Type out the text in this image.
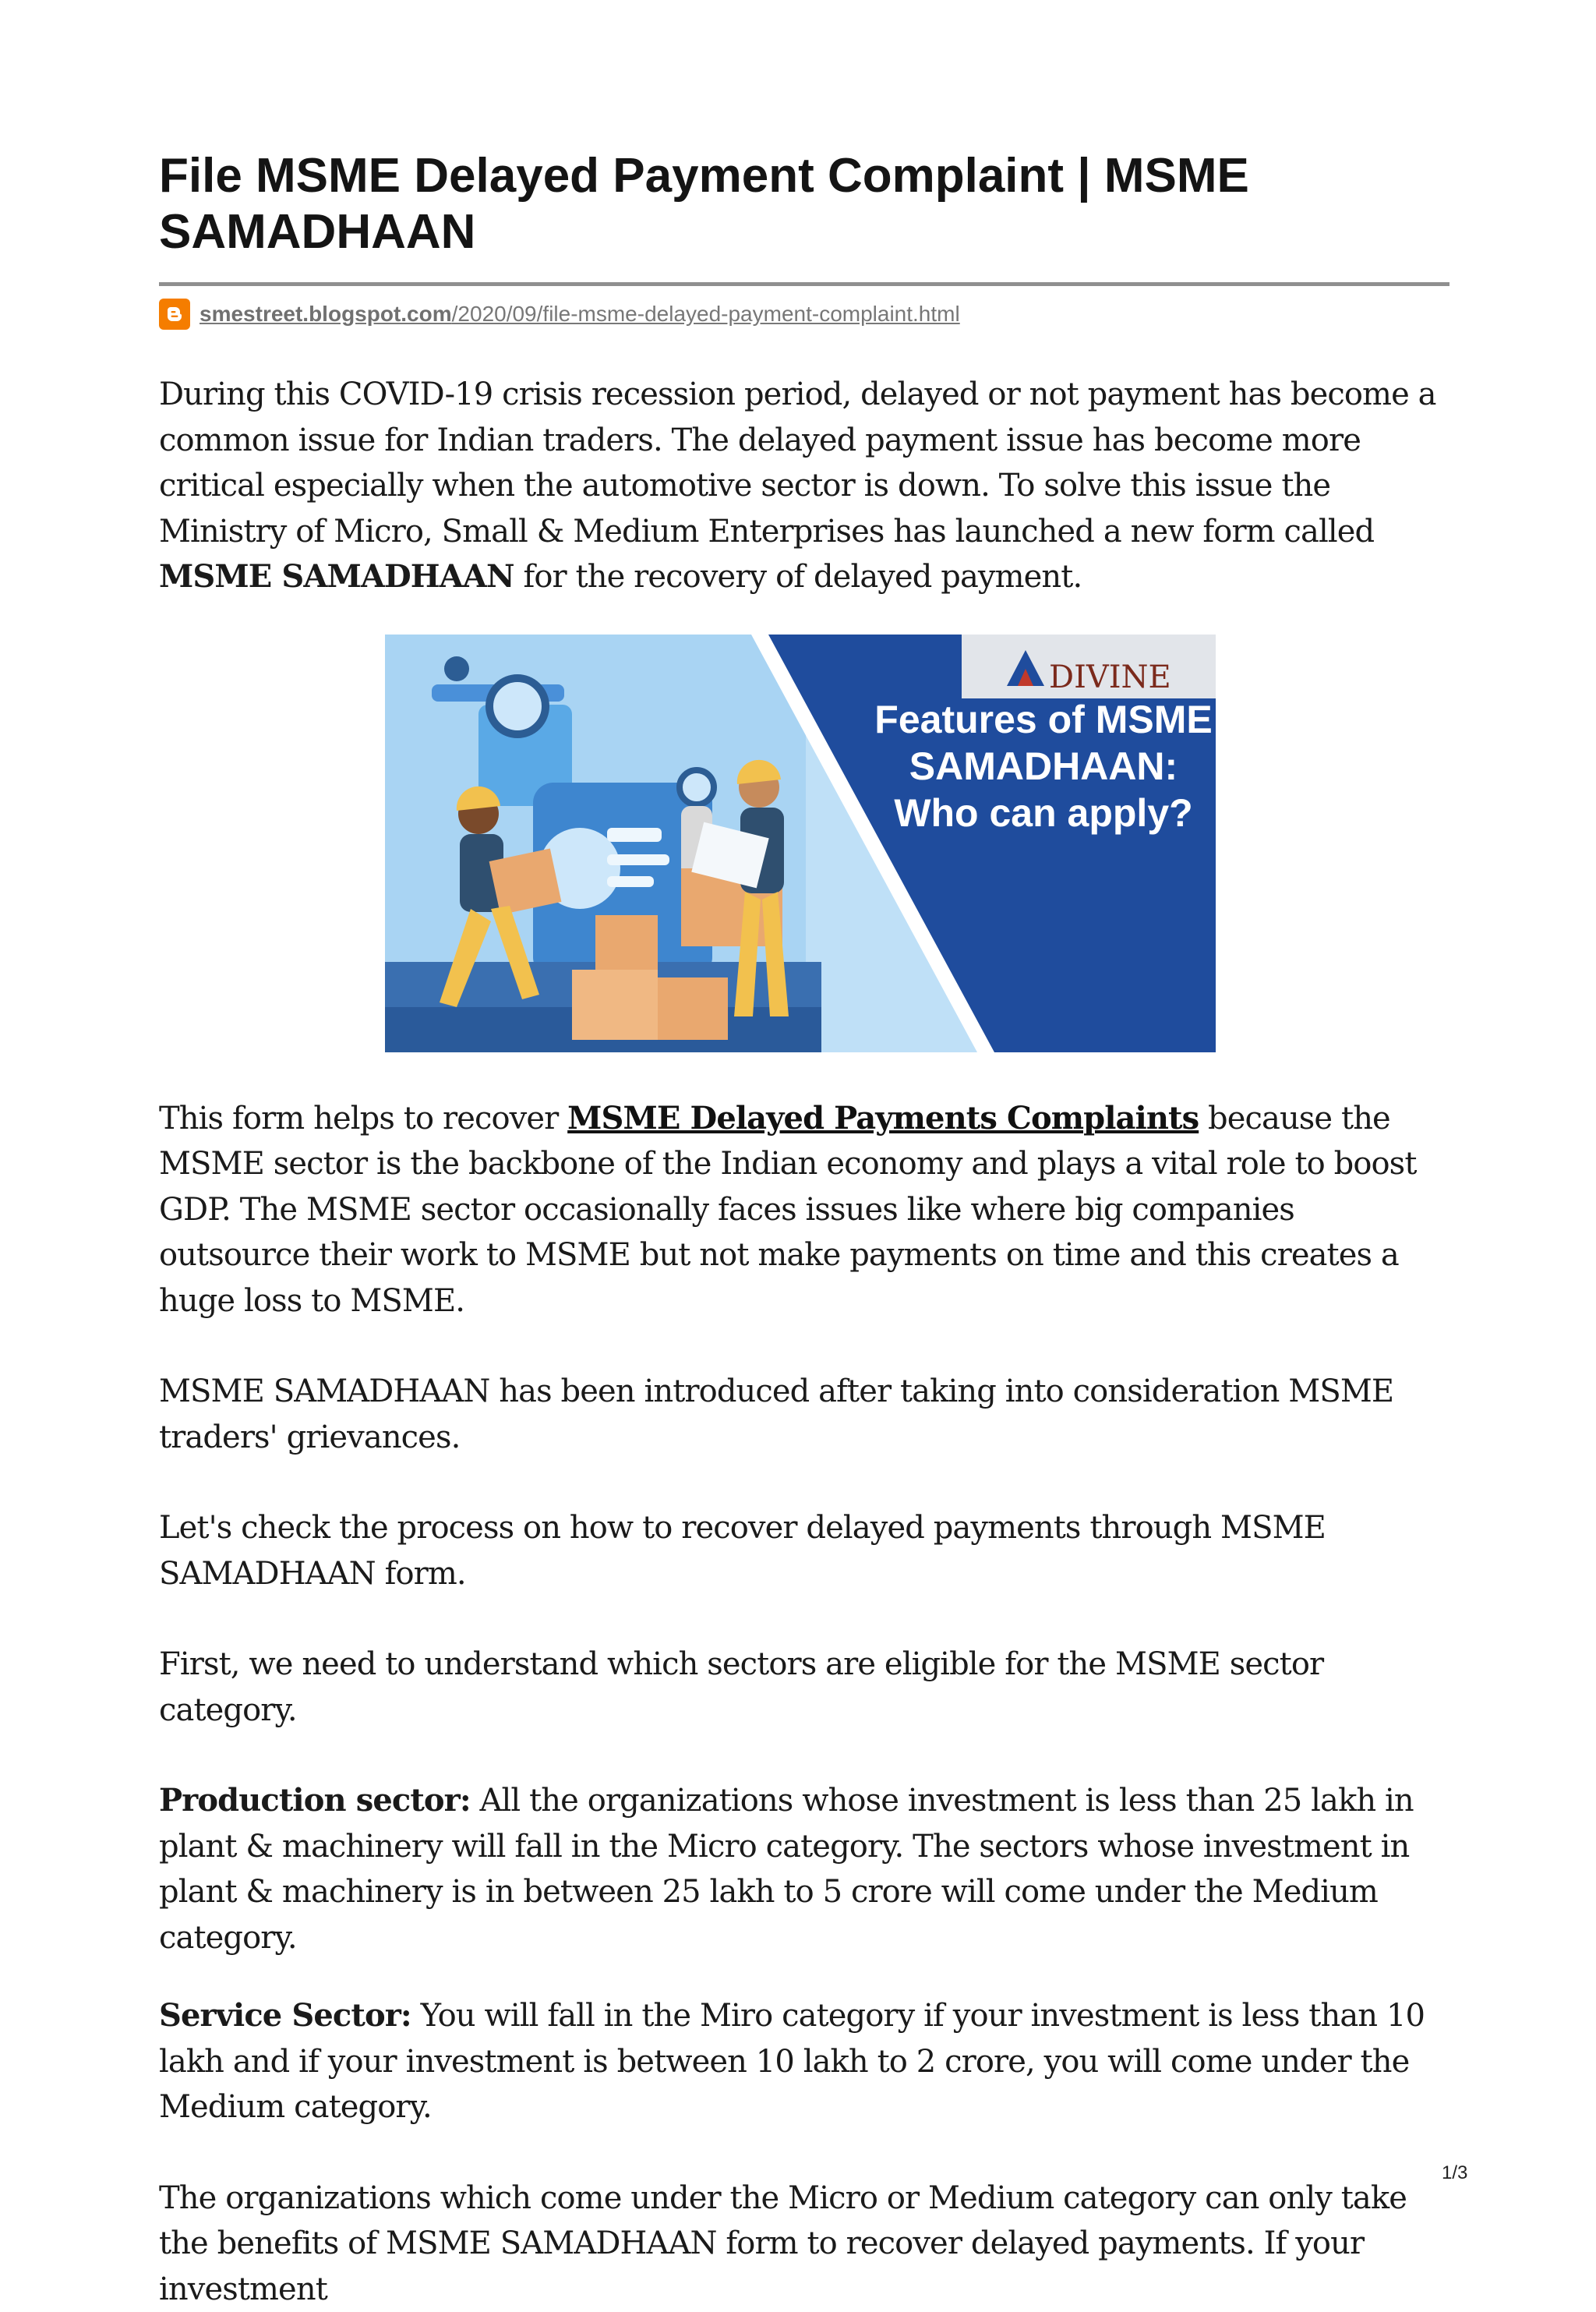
File MSME Delayed Payment Complaint | MSME SAMADHAAN
smestreet.blogspot.com/2020/09/file-msme-delayed-payment-complaint.html

During this COVID-19 crisis recession period, delayed or not payment has become a common issue for Indian traders. The delayed payment issue has become more critical especially when the automotive sector is down. To solve this issue the Ministry of Micro, Small & Medium Enterprises has launched a new form called MSME SAMADHAAN for the recovery of delayed payment.

DIVINE
Features of MSME
SAMADHAAN:
Who can apply?

This form helps to recover MSME Delayed Payments Complaints because the MSME sector is the backbone of the Indian economy and plays a vital role to boost GDP. The MSME sector occasionally faces issues like where big companies outsource their work to MSME but not make payments on time and this creates a huge loss to MSME.

MSME SAMADHAAN has been introduced after taking into consideration MSME traders' grievances.

Let's check the process on how to recover delayed payments through MSME SAMADHAAN form.

First, we need to understand which sectors are eligible for the MSME sector category.

Production sector: All the organizations whose investment is less than 25 lakh in plant & machinery will fall in the Micro category. The sectors whose investment in plant & machinery is in between 25 lakh to 5 crore will come under the Medium category.

Service Sector: You will fall in the Miro category if your investment is less than 10 lakh and if your investment is between 10 lakh to 2 crore, you will come under the Medium category.

The organizations which come under the Micro or Medium category can only take the benefits of MSME SAMADHAAN form to recover delayed payments. If your investment

1/3
